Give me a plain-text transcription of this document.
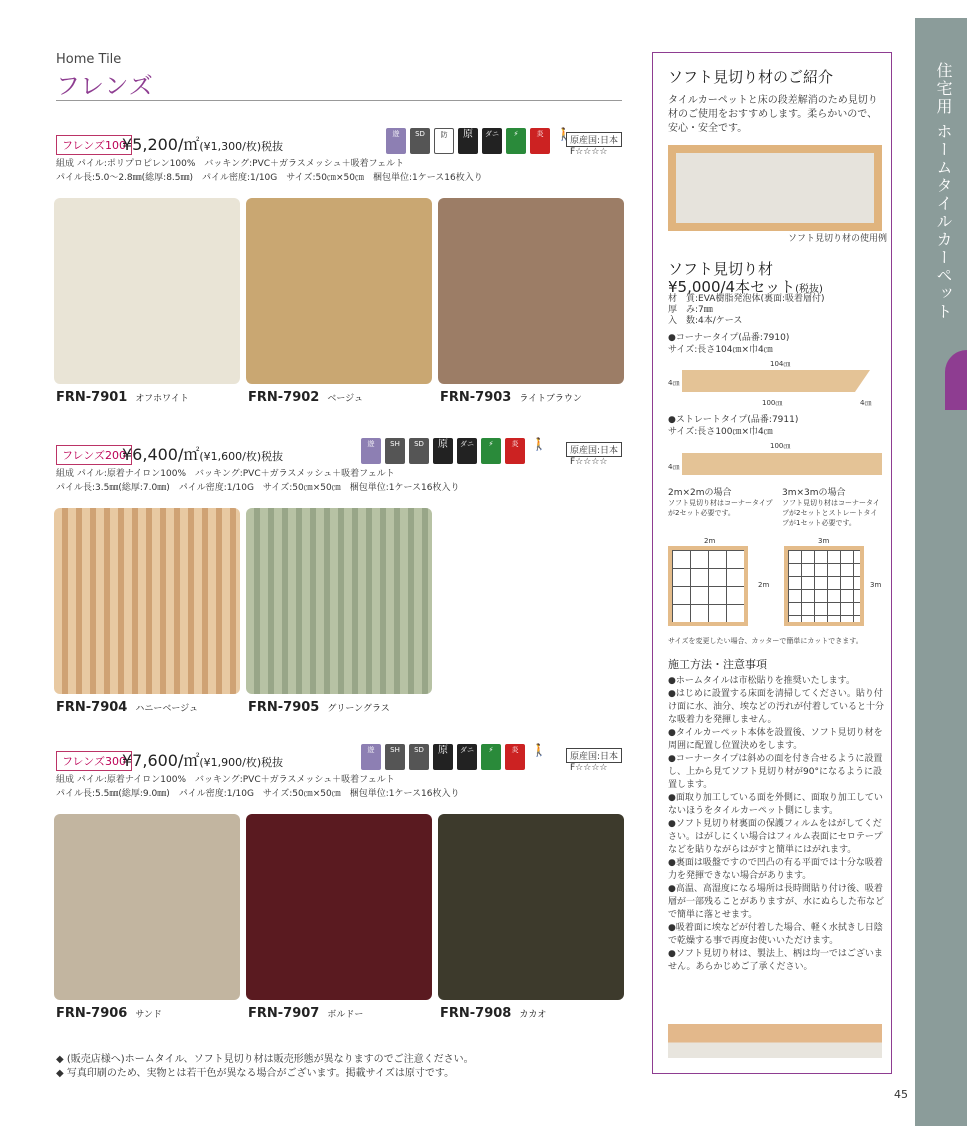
Home Tile
フレンズ
フレンズ100
¥5,200/㎡(¥1,300/枚)税抜
遊	SD	防	原	ダニ	⚡	炎	🚶
原産国:日本
F☆☆☆☆
組成 パイル:ポリプロピレン100%　バッキング:PVC＋ガラスメッシュ＋吸着フェルト
パイル長:5.0～2.8㎜(総厚:8.5㎜)　パイル密度:1/10G　サイズ:50㎝×50㎝　梱包単位:1ケース16枚入り
FRN-7901 オフホワイト	FRN-7902 ベージュ	FRN-7903 ライトブラウン
フレンズ200
¥6,400/㎡(¥1,600/枚)税抜
遊	SH	SD	原	ダニ	⚡	炎	🚶	原産国:日本
F☆☆☆☆
組成 パイル:原着ナイロン100%　バッキング:PVC＋ガラスメッシュ＋吸着フェルト
パイル長:3.5㎜(総厚:7.0㎜)　パイル密度:1/10G　サイズ:50㎝×50㎝　梱包単位:1ケース16枚入り
FRN-7904 ハニーベージュ	FRN-7905 グリーングラス
フレンズ300
¥7,600/㎡(¥1,900/枚)税抜
遊	SH	SD	原	ダニ	⚡	炎	🚶	原産国:日本
F☆☆☆☆
組成 パイル:原着ナイロン100%　バッキング:PVC＋ガラスメッシュ＋吸着フェルト
パイル長:5.5㎜(総厚:9.0㎜)　パイル密度:1/10G　サイズ:50㎝×50㎝　梱包単位:1ケース16枚入り
FRN-7906 サンド	FRN-7907 ボルドー	FRN-7908 カカオ
◆ (販売店様へ)ホームタイル、ソフト見切り材は販売形態が異なりますのでご注意ください。
◆ 写真印刷のため、実物とは若干色が異なる場合がございます。掲載サイズは原寸です。
ソフト見切り材のご紹介
タイルカーペットと床の段差解消のため見切り材のご使用をおすすめします。柔らかいので、安心・安全です。
ソフト見切り材の使用例
ソフト見切り材
¥5,000/4本セット(税抜)
材　質:EVA樹脂発泡体(裏面:吸着層付)
厚　み:7㎜
入　数:4本/ケース
●コーナータイプ(品番:7910)
サイズ:長さ104㎝×巾4㎝
104㎝
4㎝
100㎝	4㎝
●ストレートタイプ(品番:7911)
サイズ:長さ100㎝×巾4㎝
100㎝
4㎝
2m×2mの場合
ソフト見切り材はコーナータイプが2セット必要です。
3m×3mの場合
ソフト見切り材はコーナータイプが2セットとストレートタイプが1セット必要です。
2m
2m
3m
3m
サイズを変更したい場合、カッターで簡単にカットできます。
施工方法・注意事項
●ホームタイルは市松貼りを推奨いたします。
●はじめに設置する床面を清掃してください。貼り付け面に水、油分、埃などの汚れが付着していると十分な吸着力を発揮しません。
●タイルカーペット本体を設置後、ソフト見切り材を周囲に配置し位置決めをします。
●コーナータイプは斜めの面を付き合せるように設置し、上から見てソフト見切り材が90°になるように設置します。
●面取り加工している面を外側に、面取り加工していないほうをタイルカーペット側にします。
●ソフト見切り材裏面の保護フィルムをはがしてください。はがしにくい場合はフィルム表面にセロテープなどを貼りながらはがすと簡単にはがれます。
●裏面は吸盤ですので凹凸の有る平面では十分な吸着力を発揮できない場合があります。
●高温、高湿度になる場所は長時間貼り付け後、吸着層が一部残ることがありますが、水にぬらした布などで簡単に落とせます。
●吸着面に埃などが付着した場合、軽く水拭きし日陰で乾燥する事で再度お使いいただけます。
●ソフト見切り材は、製法上、柄は均一ではございません。あらかじめご了承ください。
住宅用 ホームタイルカーペット
45
